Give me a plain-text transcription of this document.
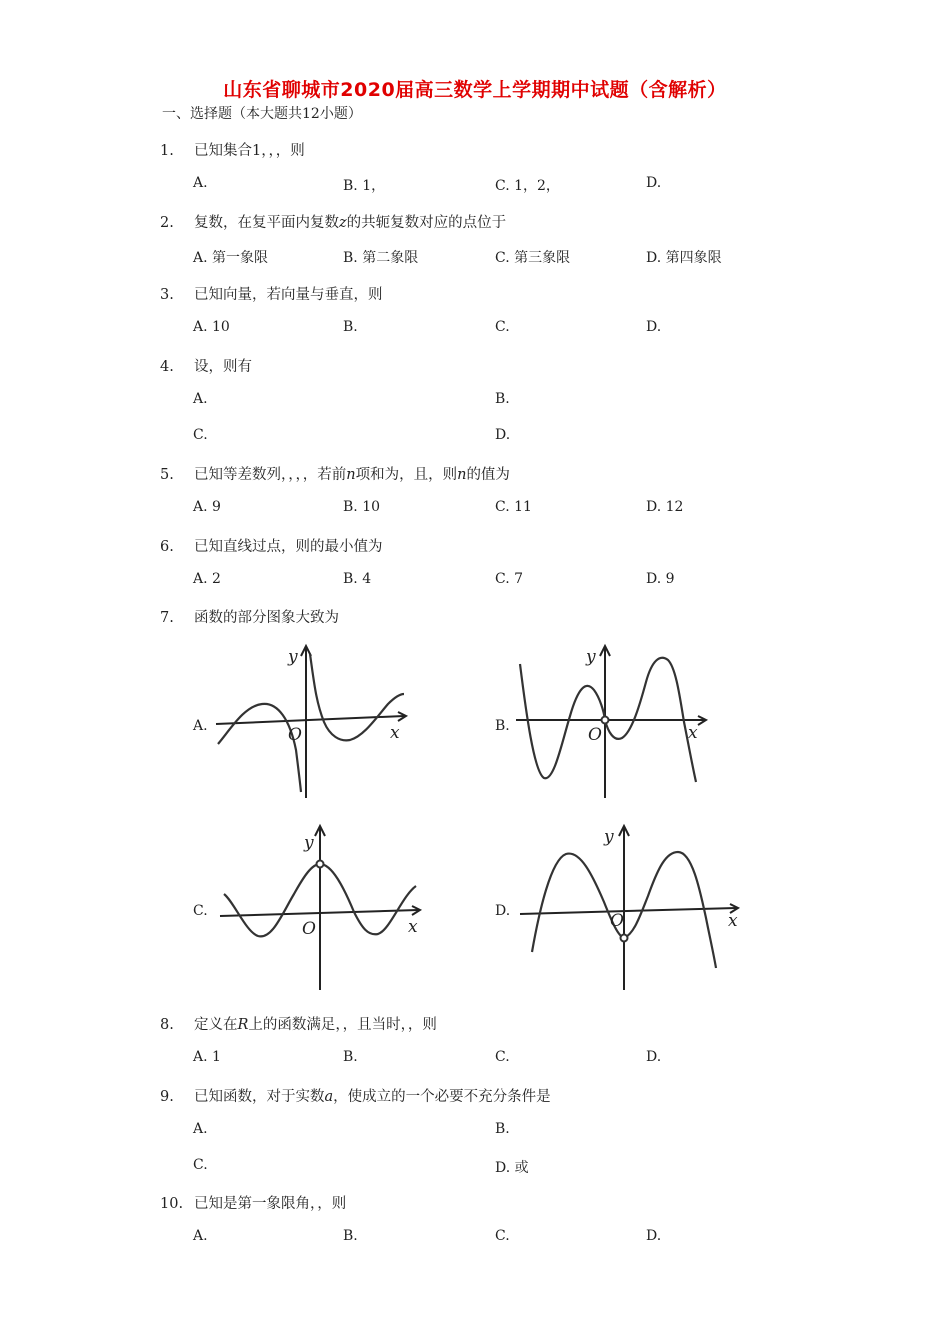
山东省聊城市2020届高三数学上学期期中试题（含解析）
一、选择题（本大题共12小题）
1. 已知集合1，，，则
A.	B. 1，	C. 1，2，	D.
2. 复数，在复平面内复数z的共轭复数对应的点位于
A. 第一象限	B. 第二象限	C. 第三象限	D. 第四象限
3. 已知向量，若向量与垂直，则
A. 10	B.	C.	D.
4. 设，则有
A.	B.
C.	D.
5. 已知等差数列，，，，若前n项和为，且，则n的值为
A. 9	B. 10	C. 11	D. 12
6. 已知直线过点，则的最小值为
A. 2	B. 4	C. 7	D. 9
7. 函数的部分图象大致为
A.	B.
C.	D.
y
O	x
y
O	x
y
O	x
y
O	x
8. 定义在R上的函数满足，，且当时，，则
A. 1	B.	C.	D.
9. 已知函数，对于实数a，使成立的一个必要不充分条件是
A.	B.
C.	D. 或
10. 已知是第一象限角，，则
A.	B.	C.	D.
